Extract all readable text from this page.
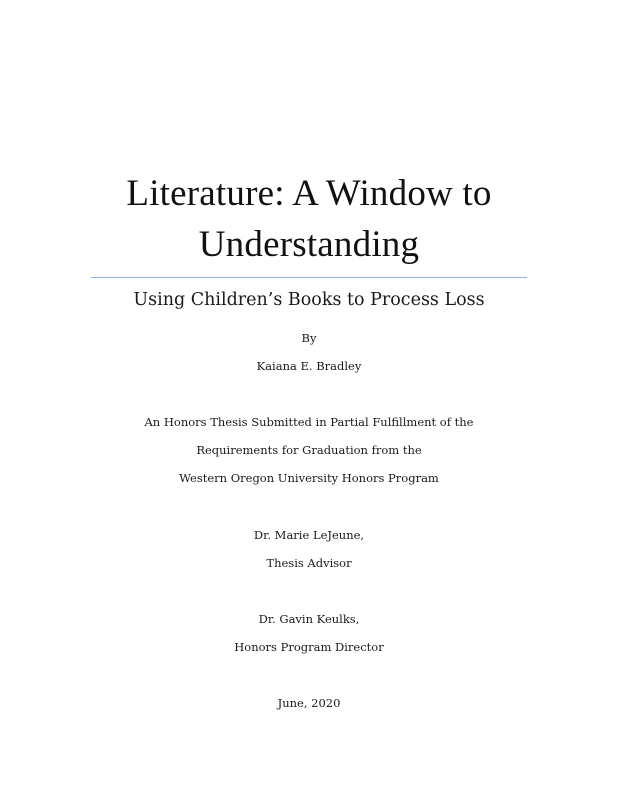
Literature: A Window to
Understanding
Using Children’s Books to Process Loss
By
Kaiana E. Bradley
An Honors Thesis Submitted in Partial Fulfillment of the
Requirements for Graduation from the
Western Oregon University Honors Program
Dr. Marie LeJeune,
Thesis Advisor
Dr. Gavin Keulks,
Honors Program Director
June, 2020
